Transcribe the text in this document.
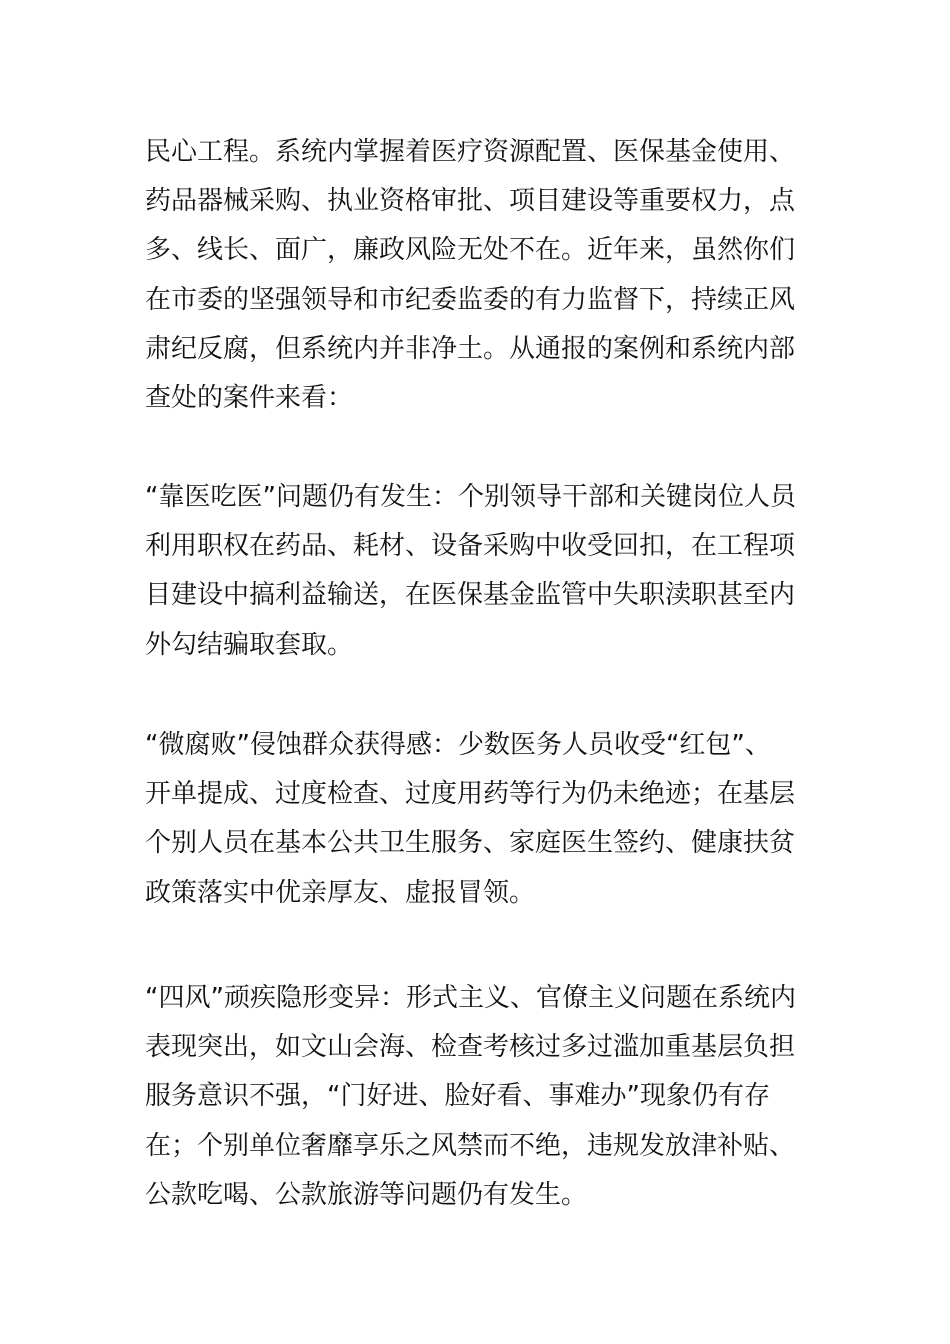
民心工程。系统内掌握着医疗资源配置、医保基金使用、
药品器械采购、执业资格审批、项目建设等重要权力，点
多、线长、面广，廉政风险无处不在。近年来，虽然你们
在市委的坚强领导和市纪委监委的有力监督下，持续正风
肃纪反腐，但系统内并非净土。从通报的案例和系统内部
查处的案件来看：
“靠医吃医”问题仍有发生：个别领导干部和关键岗位人员
利用职权在药品、耗材、设备采购中收受回扣，在工程项
目建设中搞利益输送，在医保基金监管中失职渎职甚至内
外勾结骗取套取。
“微腐败”侵蚀群众获得感：少数医务人员收受“红包”、
开单提成、过度检查、过度用药等行为仍未绝迹；在基层
个别人员在基本公共卫生服务、家庭医生签约、健康扶贫
政策落实中优亲厚友、虚报冒领。
“四风”顽疾隐形变异：形式主义、官僚主义问题在系统内
表现突出，如文山会海、检查考核过多过滥加重基层负担
服务意识不强，“门好进、脸好看、事难办”现象仍有存
在；个别单位奢靡享乐之风禁而不绝，违规发放津补贴、
公款吃喝、公款旅游等问题仍有发生。
